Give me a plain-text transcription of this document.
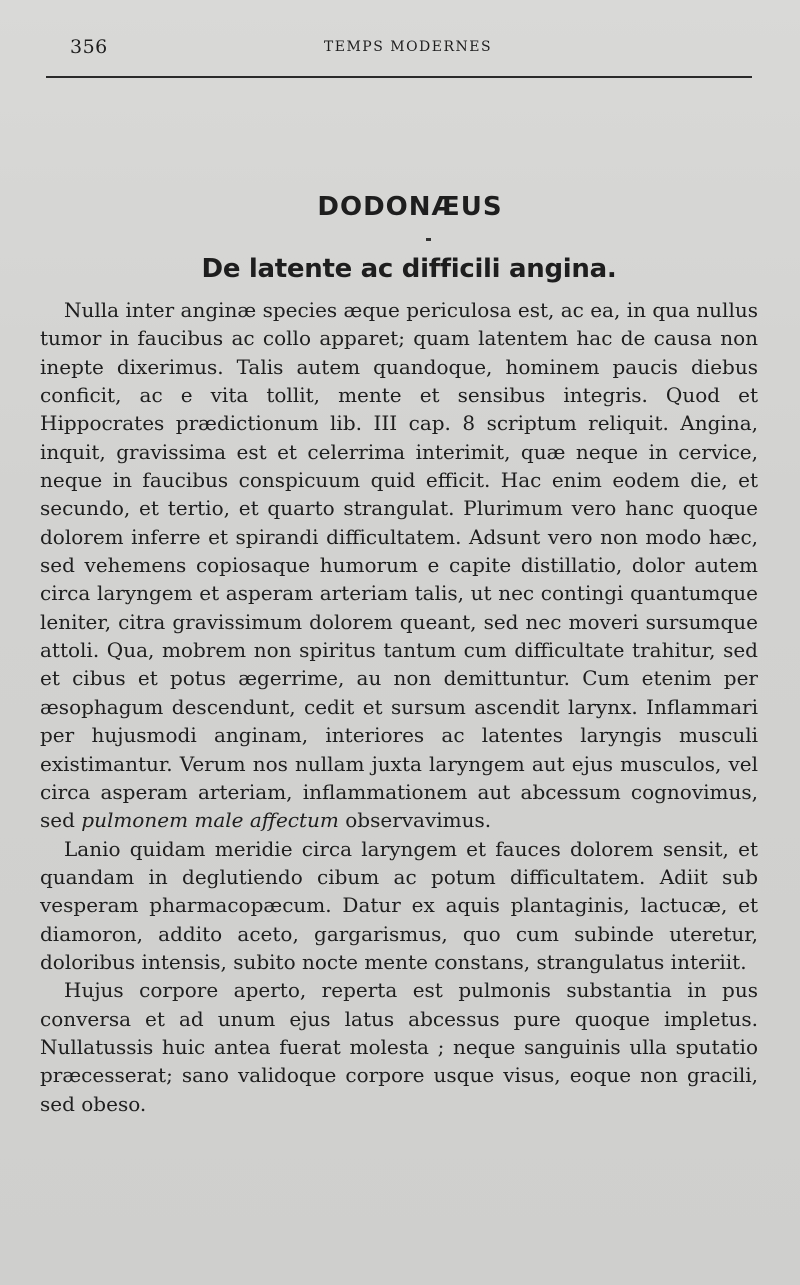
356	TEMPS MODERNES
DODONÆUS
De latente ac difficili angina.

Nulla inter anginæ species æque periculosa est, ac ea, in qua nullus tumor in faucibus ac collo apparet; quam latentem hac de causa non inepte dixerimus. Talis autem quandoque, hominem paucis diebus conficit, ac e vita tollit, mente et sensibus integris. Quod et Hippocrates prædictionum lib. III cap. 8 scriptum reliquit. Angina, inquit, gravissima est et celerrima interimit, quæ neque in cervice, neque in faucibus conspicuum quid efficit. Hac enim eodem die, et secundo, et tertio, et quarto strangulat. Plurimum vero hanc quoque dolorem inferre et spirandi difficultatem. Adsunt vero non modo hæc, sed vehemens copiosaque humorum e capite distillatio, dolor autem circa laryngem et asperam arteriam talis, ut nec contingi quantumque leniter, citra gravissimum dolorem queant, sed nec moveri sursumque attoli. Qua, mobrem non spiritus tantum cum difficultate trahitur, sed et cibus et potus ægerrime, au non demittuntur. Cum etenim per æsophagum descendunt, cedit et sursum ascendit larynx. Inflammari per hujusmodi anginam, interiores ac latentes laryngis musculi existimantur. Verum nos nullam juxta laryngem aut ejus musculos, vel circa asperam arteriam, inflammationem aut abcessum cognovimus, sed pulmonem male affectum observavimus.

Lanio quidam meridie circa laryngem et fauces dolorem sensit, et quandam in deglutiendo cibum ac potum difficultatem. Adiit sub vesperam pharmacopæcum. Datur ex aquis plantaginis, lactucæ, et diamoron, addito aceto, gargarismus, quo cum subinde uteretur, doloribus intensis, subito nocte mente constans, strangulatus interiit.

Hujus corpore aperto, reperta est pulmonis substantia in pus conversa et ad unum ejus latus abcessus pure quoque impletus. Nullatussis huic antea fuerat molesta ; neque sanguinis ulla sputatio præcesserat; sano validoque corpore usque visus, eoque non gracili, sed obeso.
